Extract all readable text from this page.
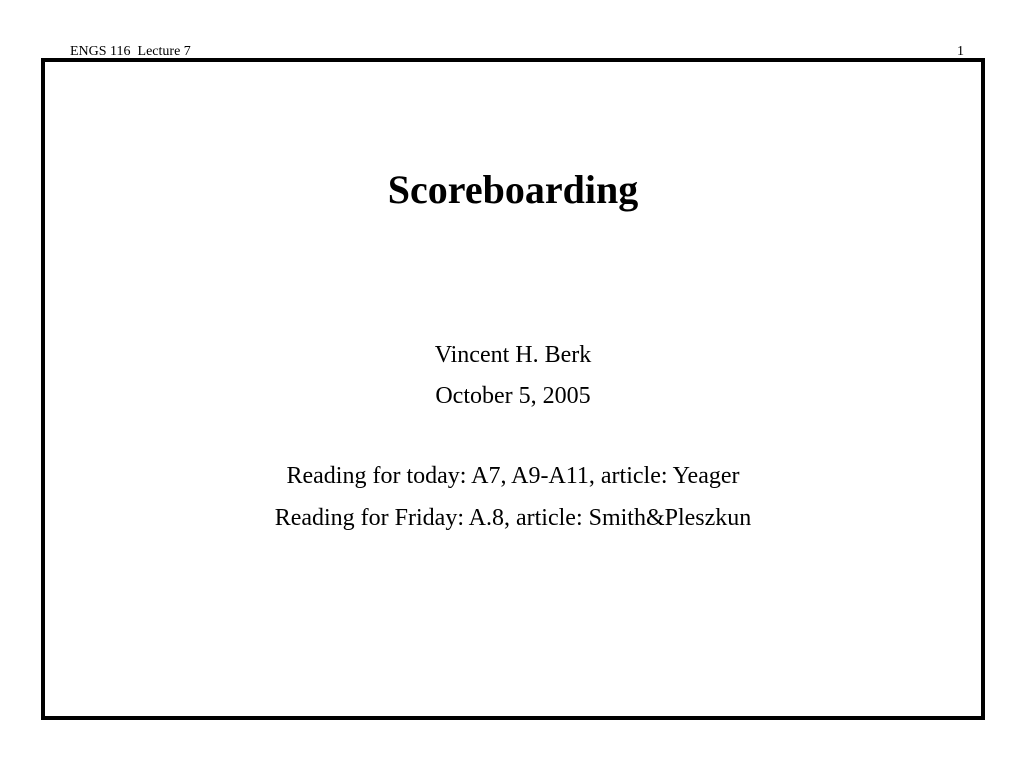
ENGS 116  Lecture 7	1
Scoreboarding
Vincent H. Berk
October 5, 2005
Reading for today: A7, A9-A11, article: Yeager
Reading for Friday: A.8, article: Smith&Pleszkun
